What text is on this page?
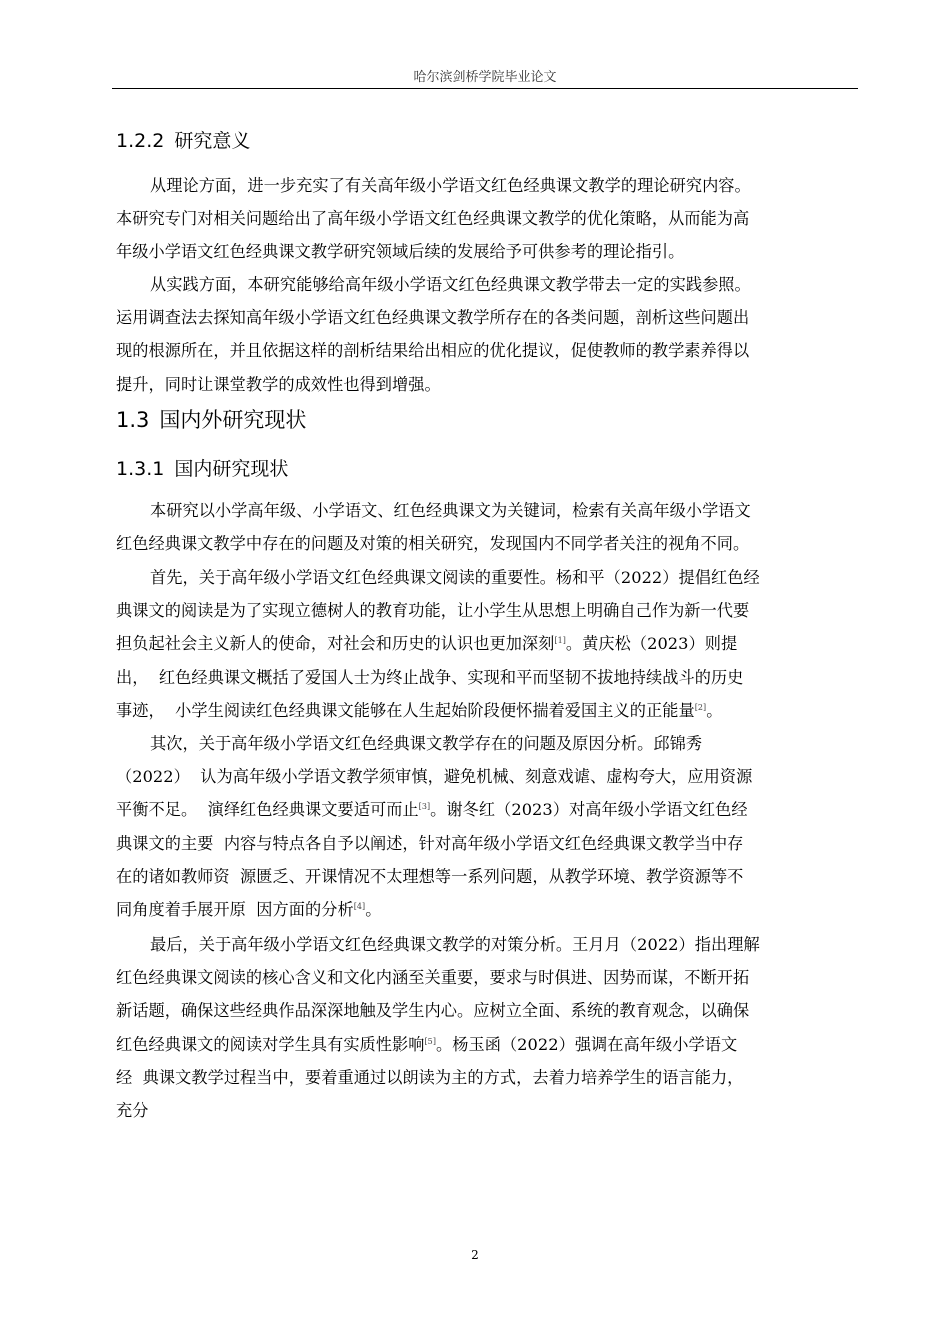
哈尔滨剑桥学院毕业论文
1.2.2 研究意义
从理论方面，进一步充实了有关高年级小学语文红色经典课文教学的理论研究内容。
本研究专门对相关问题给出了高年级小学语文红色经典课文教学的优化策略，从而能为高
年级小学语文红色经典课文教学研究领域后续的发展给予可供参考的理论指引。
从实践方面，本研究能够给高年级小学语文红色经典课文教学带去一定的实践参照。
运用调查法去探知高年级小学语文红色经典课文教学所存在的各类问题，剖析这些问题出
现的根源所在，并且依据这样的剖析结果给出相应的优化提议，促使教师的教学素养得以
提升，同时让课堂教学的成效性也得到增强。
1.3 国内外研究现状
1.3.1 国内研究现状
本研究以小学高年级、小学语文、红色经典课文为关键词，检索有关高年级小学语文
红色经典课文教学中存在的问题及对策的相关研究，发现国内不同学者关注的视角不同。
首先，关于高年级小学语文红色经典课文阅读的重要性。杨和平（2022）提倡红色经
典课文的阅读是为了实现立德树人的教育功能，让小学生从思想上明确自己作为新一代要
担负起社会主义新人的使命，对社会和历史的认识也更加深刻[1]。黄庆松（2023）则提
出，  红色经典课文概括了爱国人士为终止战争、实现和平而坚韧不拔地持续战斗的历史
事迹，  小学生阅读红色经典课文能够在人生起始阶段便怀揣着爱国主义的正能量[2]。
其次，关于高年级小学语文红色经典课文教学存在的问题及原因分析。邱锦秀
（2022）  认为高年级小学语文教学须审慎，避免机械、刻意戏谑、虚构夸大，应用资源
平衡不足。  演绎红色经典课文要适可而止[3]。谢冬红（2023）对高年级小学语文红色经
典课文的主要  内容与特点各自予以阐述，针对高年级小学语文红色经典课文教学当中存
在的诸如教师资  源匮乏、开课情况不太理想等一系列问题，从教学环境、教学资源等不
同角度着手展开原  因方面的分析[4]。
最后，关于高年级小学语文红色经典课文教学的对策分析。王月月（2022）指出理解
红色经典课文阅读的核心含义和文化内涵至关重要，要求与时俱进、因势而谋，不断开拓
新话题，确保这些经典作品深深地触及学生内心。应树立全面、系统的教育观念，以确保
红色经典课文的阅读对学生具有实质性影响[5]。杨玉函（2022）强调在高年级小学语文
经  典课文教学过程当中，要着重通过以朗读为主的方式，去着力培养学生的语言能力，
充分
2
